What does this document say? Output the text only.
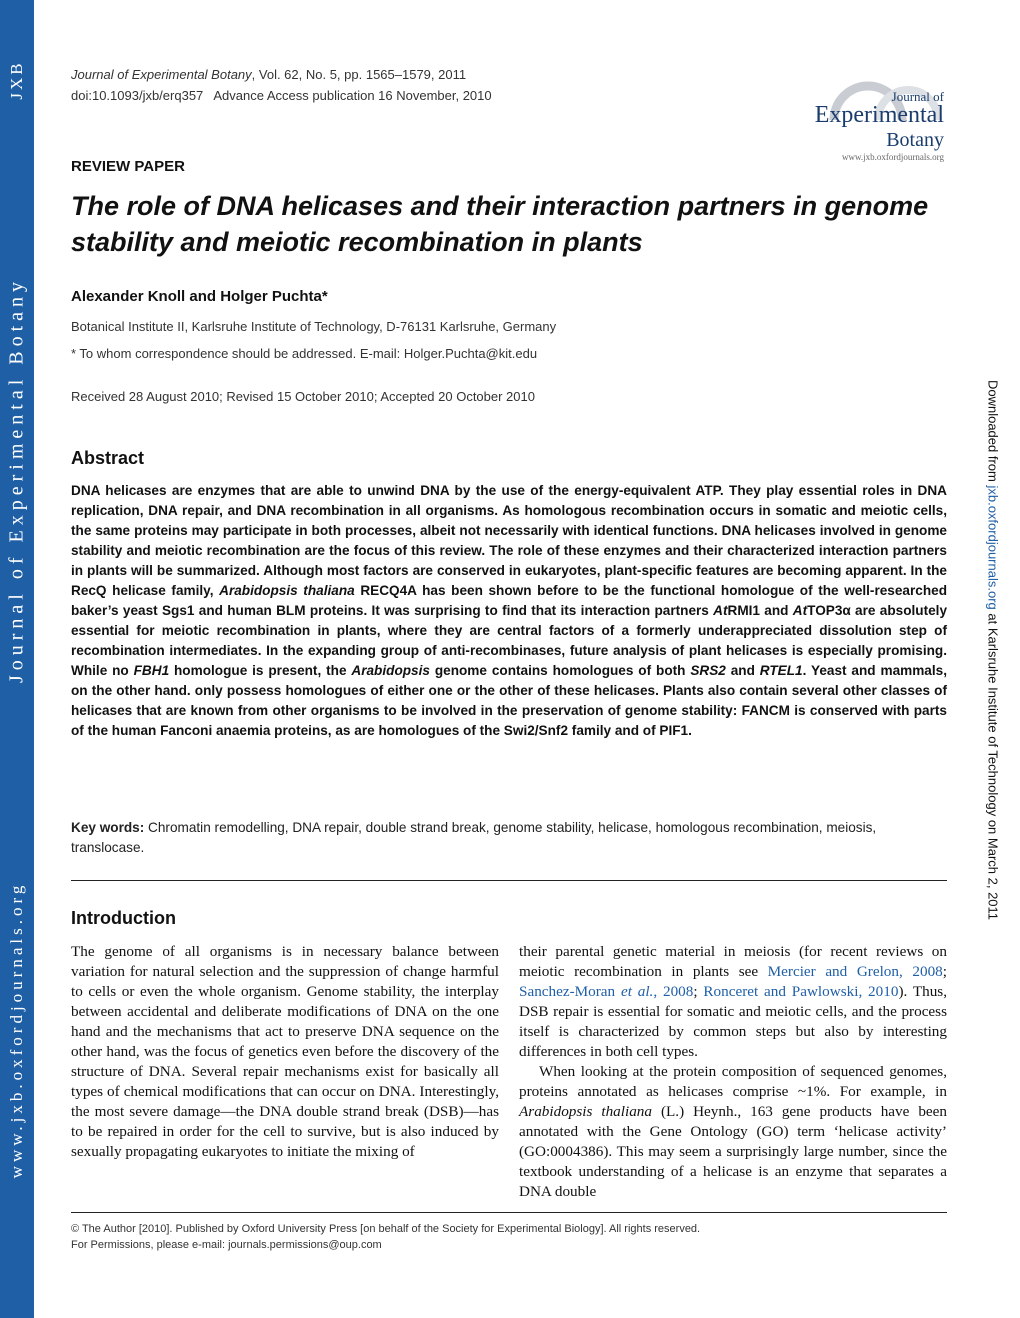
JXB
Journal of Experimental Botany
www.jxb.oxfordjournals.org
Downloaded from jxb.oxfordjournals.org at Karlsruhe Institute of Technology on March 2, 2011
Journal of Experimental Botany, Vol. 62, No. 5, pp. 1565–1579, 2011
doi:10.1093/jxb/erq357   Advance Access publication 16 November, 2010	Journal of
Experimental
Botany
www.jxb.oxfordjournals.org
REVIEW PAPER
The role of DNA helicases and their interaction partners in genome stability and meiotic recombination in plants
Alexander Knoll and Holger Puchta*
Botanical Institute II, Karlsruhe Institute of Technology, D-76131 Karlsruhe, Germany
* To whom correspondence should be addressed. E-mail: Holger.Puchta@kit.edu
Received 28 August 2010; Revised 15 October 2010; Accepted 20 October 2010
Abstract

DNA helicases are enzymes that are able to unwind DNA by the use of the energy-equivalent ATP. They play essential roles in DNA replication, DNA repair, and DNA recombination in all organisms. As homologous recombination occurs in somatic and meiotic cells, the same proteins may participate in both processes, albeit not necessarily with identical functions. DNA helicases involved in genome stability and meiotic recombination are the focus of this review. The role of these enzymes and their characterized interaction partners in plants will be summarized. Although most factors are conserved in eukaryotes, plant-specific features are becoming apparent. In the RecQ helicase family, Arabidopsis thaliana RECQ4A has been shown before to be the functional homologue of the well-researched baker’s yeast Sgs1 and human BLM proteins. It was surprising to find that its interaction partners AtRMI1 and AtTOP3α are absolutely essential for meiotic recombination in plants, where they are central factors of a formerly underappreciated dissolution step of recombination intermediates. In the expanding group of anti-recombinases, future analysis of plant helicases is especially promising. While no FBH1 homologue is present, the Arabidopsis genome contains homologues of both SRS2 and RTEL1. Yeast and mammals, on the other hand. only possess homologues of either one or the other of these helicases. Plants also contain several other classes of helicases that are known from other organisms to be involved in the preservation of genome stability: FANCM is conserved with parts of the human Fanconi anaemia proteins, as are homologues of the Swi2/Snf2 family and of PIF1.

Key words: Chromatin remodelling, DNA repair, double strand break, genome stability, helicase, homologous recombination, meiosis, translocase.
Introduction

The genome of all organisms is in necessary balance between variation for natural selection and the suppression of change harmful to cells or even the whole organism. Genome stability, the interplay between accidental and deliberate modifications of DNA on the one hand and the mechanisms that act to preserve DNA sequence on the other hand, was the focus of genetics even before the discovery of the structure of DNA. Several repair mechanisms exist for basically all types of chemical modifications that can occur on DNA. Interestingly, the most severe damage—the DNA double strand break (DSB)—has to be repaired in order for the cell to survive, but is also induced by sexually propagating eukaryotes to initiate the mixing of

their parental genetic material in meiosis (for recent reviews on meiotic recombination in plants see Mercier and Grelon, 2008; Sanchez-Moran et al., 2008; Ronceret and Pawlowski, 2010). Thus, DSB repair is essential for somatic and meiotic cells, and the process itself is characterized by common steps but also by interesting differences in both cell types.
When looking at the protein composition of sequenced genomes, proteins annotated as helicases comprise ~1%. For example, in Arabidopsis thaliana (L.) Heynh., 163 gene products have been annotated with the Gene Ontology (GO) term ‘helicase activity’ (GO:0004386). This may seem a surprisingly large number, since the textbook understanding of a helicase is an enzyme that separates a DNA double
© The Author [2010]. Published by Oxford University Press [on behalf of the Society for Experimental Biology]. All rights reserved.
For Permissions, please e-mail: journals.permissions@oup.com
